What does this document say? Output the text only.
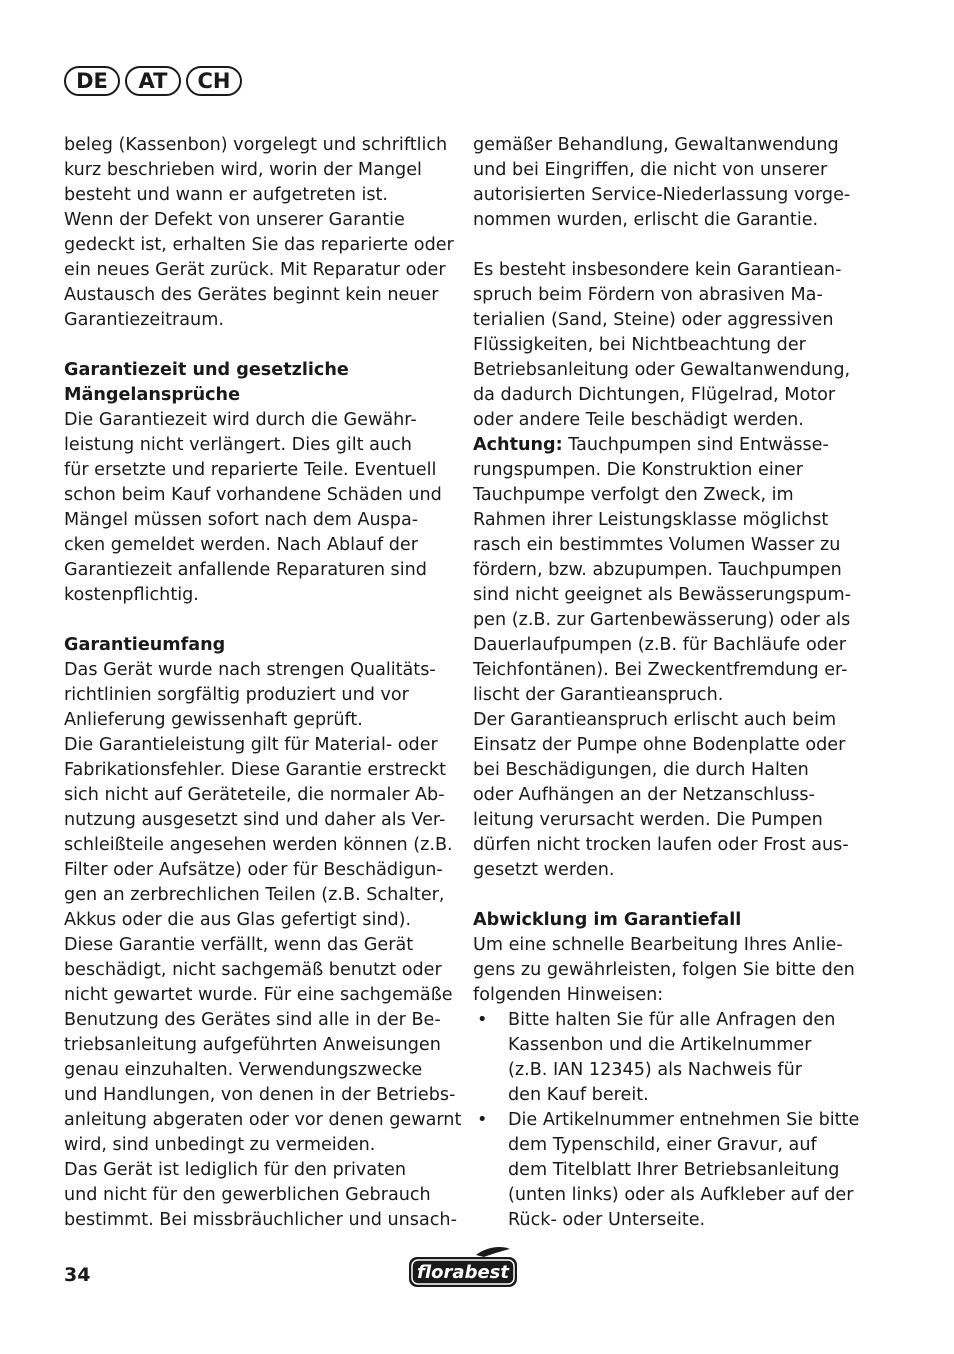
DE	AT	CH
beleg (Kassenbon) vorgelegt und schriftlich
kurz beschrieben wird, worin der Mangel
besteht und wann er aufgetreten ist.
Wenn der Defekt von unserer Garantie
gedeckt ist, erhalten Sie das reparierte oder
ein neues Gerät zurück. Mit Reparatur oder
Austausch des Gerätes beginnt kein neuer
Garantiezeitraum.
Garantiezeit und gesetzliche
Mängelansprüche
Die Garantiezeit wird durch die Gewähr-
leistung nicht verlängert. Dies gilt auch
für ersetzte und reparierte Teile. Eventuell
schon beim Kauf vorhandene Schäden und
Mängel müssen sofort nach dem Auspa-
cken gemeldet werden. Nach Ablauf der
Garantiezeit anfallende Reparaturen sind
kostenpflichtig.
Garantieumfang
Das Gerät wurde nach strengen Qualitäts-
richtlinien sorgfältig produziert und vor
Anlieferung gewissenhaft geprüft.
Die Garantieleistung gilt für Material- oder
Fabrikationsfehler. Diese Garantie erstreckt
sich nicht auf Geräteteile, die normaler Ab-
nutzung ausgesetzt sind und daher als Ver-
schleißteile angesehen werden können (z.B.
Filter oder Aufsätze) oder für Beschädigun-
gen an zerbrechlichen Teilen (z.B. Schalter,
Akkus oder die aus Glas gefertigt sind).
Diese Garantie verfällt, wenn das Gerät
beschädigt, nicht sachgemäß benutzt oder
nicht gewartet wurde. Für eine sachgemäße
Benutzung des Gerätes sind alle in der Be-
triebsanleitung aufgeführten Anweisungen
genau einzuhalten. Verwendungszwecke
und Handlungen, von denen in der Betriebs-
anleitung abgeraten oder vor denen gewarnt
wird, sind unbedingt zu vermeiden.
Das Gerät ist lediglich für den privaten
und nicht für den gewerblichen Gebrauch
bestimmt. Bei missbräuchlicher und unsach-
gemäßer Behandlung, Gewaltanwendung
und bei Eingriffen, die nicht von unserer
autorisierten Service-Niederlassung vorge-
nommen wurden, erlischt die Garantie.
Es besteht insbesondere kein Garantiean-
spruch beim Fördern von abrasiven Ma-
terialien (Sand, Steine) oder aggressiven
Flüssigkeiten, bei Nichtbeachtung der
Betriebsanleitung oder Gewaltanwendung,
da dadurch Dichtungen, Flügelrad, Motor
oder andere Teile beschädigt werden.
Achtung: Tauchpumpen sind Entwässe-
rungspumpen. Die Konstruktion einer
Tauchpumpe verfolgt den Zweck, im
Rahmen ihrer Leistungsklasse möglichst
rasch ein bestimmtes Volumen Wasser zu
fördern, bzw. abzupumpen. Tauchpumpen
sind nicht geeignet als Bewässerungspum-
pen (z.B. zur Gartenbewässerung) oder als
Dauerlaufpumpen (z.B. für Bachläufe oder
Teichfontänen). Bei Zweckentfremdung er-
lischt der Garantieanspruch.
Der Garantieanspruch erlischt auch beim
Einsatz der Pumpe ohne Bodenplatte oder
bei Beschädigungen, die durch Halten
oder Aufhängen an der Netzanschluss-
leitung verursacht werden. Die Pumpen
dürfen nicht trocken laufen oder Frost aus-
gesetzt werden.
Abwicklung im Garantiefall
Um eine schnelle Bearbeitung Ihres Anlie-
gens zu gewährleisten, folgen Sie bitte den
folgenden Hinweisen:
•	Bitte halten Sie für alle Anfragen den
Kassenbon und die Artikelnummer
(z.B. IAN 12345) als Nachweis für
den Kauf bereit.
•	Die Artikelnummer entnehmen Sie bitte
dem Typenschild, einer Gravur, auf
dem Titelblatt Ihrer Betriebsanleitung
(unten links) oder als Aufkleber auf der
Rück- oder Unterseite.
34	florabest
